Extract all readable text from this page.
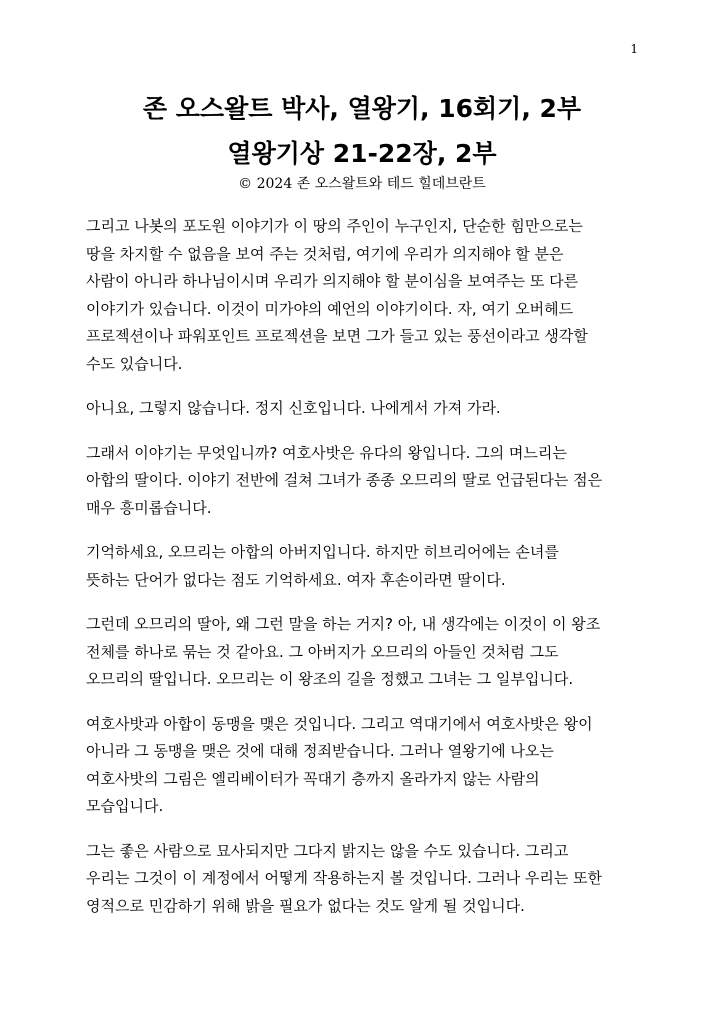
1
존 오스왈트 박사, 열왕기, 16회기, 2부
열왕기상 21-22장, 2부

© 2024 존 오스왈트와 테드 힐데브란트

그리고 나봇의 포도원 이야기가 이 땅의 주인이 누구인지, 단순한 힘만으로는
땅을 차지할 수 없음을 보여 주는 것처럼, 여기에 우리가 의지해야 할 분은
사람이 아니라 하나님이시며 우리가 의지해야 할 분이심을 보여주는 또 다른
이야기가 있습니다. 이것이 미가야의 예언의 이야기이다. 자, 여기 오버헤드
프로젝션이나 파워포인트 프로젝션을 보면 그가 들고 있는 풍선이라고 생각할
수도 있습니다.

아니요, 그렇지 않습니다. 정지 신호입니다. 나에게서 가져 가라.

그래서 이야기는 무엇입니까? 여호사밧은 유다의 왕입니다. 그의 며느리는
아합의 딸이다. 이야기 전반에 걸쳐 그녀가 종종 오므리의 딸로 언급된다는 점은
매우 흥미롭습니다.

기억하세요, 오므리는 아합의 아버지입니다. 하지만 히브리어에는 손녀를
뜻하는 단어가 없다는 점도 기억하세요. 여자 후손이라면 딸이다.

그런데 오므리의 딸아, 왜 그런 말을 하는 거지? 아, 내 생각에는 이것이 이 왕조
전체를 하나로 묶는 것 같아요. 그 아버지가 오므리의 아들인 것처럼 그도
오므리의 딸입니다. 오므리는 이 왕조의 길을 정했고 그녀는 그 일부입니다.

여호사밧과 아합이 동맹을 맺은 것입니다. 그리고 역대기에서 여호사밧은 왕이
아니라 그 동맹을 맺은 것에 대해 정죄받습니다. 그러나 열왕기에 나오는
여호사밧의 그림은 엘리베이터가 꼭대기 층까지 올라가지 않는 사람의
모습입니다.

그는 좋은 사람으로 묘사되지만 그다지 밝지는 않을 수도 있습니다. 그리고
우리는 그것이 이 계정에서 어떻게 작용하는지 볼 것입니다. 그러나 우리는 또한
영적으로 민감하기 위해 밝을 필요가 없다는 것도 알게 될 것입니다.
